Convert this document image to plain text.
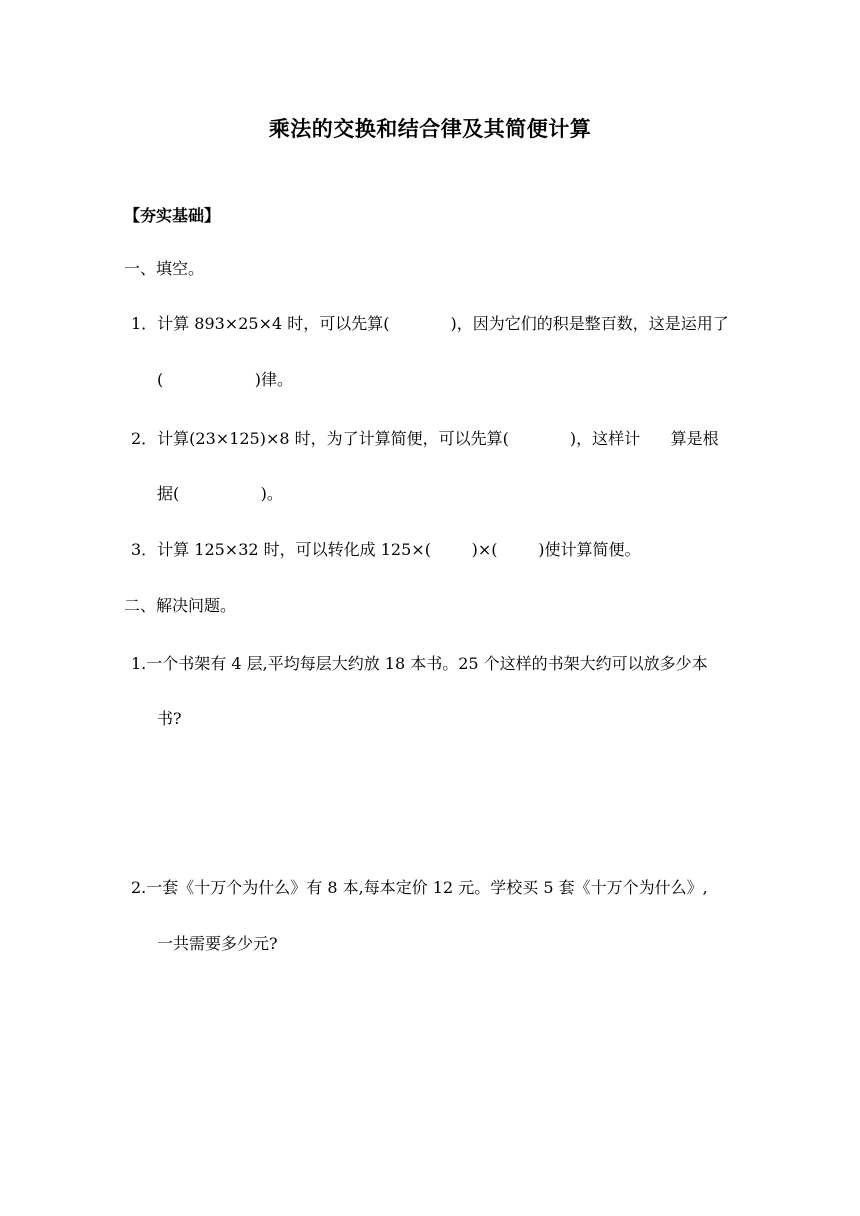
乘法的交换和结合律及其简便计算
【夯实基础】
一、填空。
1．计算 893×25×4 时，可以先算(            )，因为它们的积是整百数，这是运用了
(                  )律。
2．计算(23×125)×8 时，为了计算简便，可以先算(            )，这样计      算是根
据(                )。
3．计算 125×32 时，可以转化成 125×(        )×(        )使计算简便。
二、解决问题。
1.一个书架有 4 层,平均每层大约放 18 本书。25 个这样的书架大约可以放多少本
书?
2.一套《十万个为什么》有 8 本,每本定价 12 元。学校买 5 套《十万个为什么》,
一共需要多少元?
